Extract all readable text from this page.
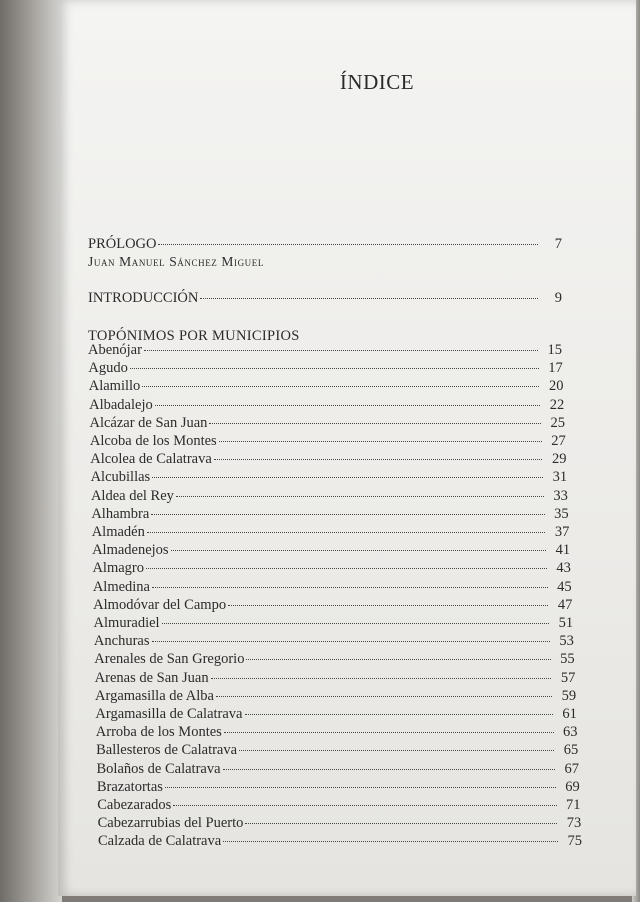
ÍNDICE
PRÓLOGO	7
Juan Manuel Sánchez Miguel
INTRODUCCIÓN	9
TOPÓNIMOS POR MUNICIPIOS
Abenójar	15
Agudo	17
Alamillo	20
Albadalejo	22
Alcázar de San Juan	25
Alcoba de los Montes	27
Alcolea de Calatrava	29
Alcubillas	31
Aldea del Rey	33
Alhambra	35
Almadén	37
Almadenejos	41
Almagro	43
Almedina	45
Almodóvar del Campo	47
Almuradiel	51
Anchuras	53
Arenales de San Gregorio	55
Arenas de San Juan	57
Argamasilla de Alba	59
Argamasilla de Calatrava	61
Arroba de los Montes	63
Ballesteros de Calatrava	65
Bolaños de Calatrava	67
Brazatortas	69
Cabezarados	71
Cabezarrubias del Puerto	73
Calzada de Calatrava	75
